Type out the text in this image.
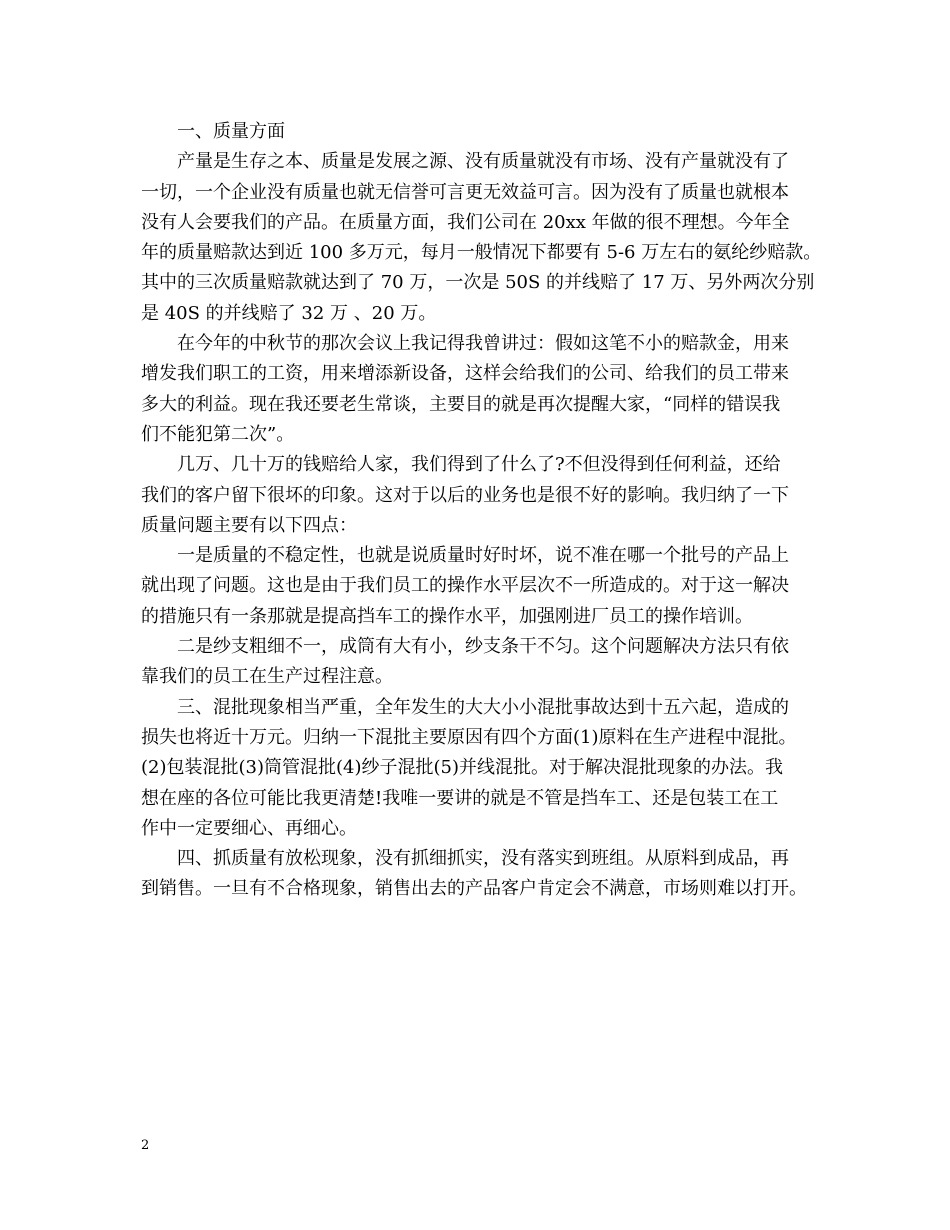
一、质量方面
产量是生存之本、质量是发展之源、没有质量就没有市场、没有产量就没有了
一切，一个企业没有质量也就无信誉可言更无效益可言。因为没有了质量也就根本
没有人会要我们的产品。在质量方面，我们公司在 20xx 年做的很不理想。今年全
年的质量赔款达到近 100 多万元，每月一般情况下都要有 5-6 万左右的氨纶纱赔款。
其中的三次质量赔款就达到了 70 万，一次是 50S 的并线赔了 17 万、另外两次分别
是 40S 的并线赔了 32 万 、20 万。
在今年的中秋节的那次会议上我记得我曾讲过：假如这笔不小的赔款金，用来
增发我们职工的工资，用来增添新设备，这样会给我们的公司、给我们的员工带来
多大的利益。现在我还要老生常谈，主要目的就是再次提醒大家，“同样的错误我
们不能犯第二次”。
几万、几十万的钱赔给人家，我们得到了什么了?不但没得到任何利益，还给
我们的客户留下很坏的印象。这对于以后的业务也是很不好的影响。我归纳了一下
质量问题主要有以下四点：
一是质量的不稳定性，也就是说质量时好时坏，说不准在哪一个批号的产品上
就出现了问题。这也是由于我们员工的操作水平层次不一所造成的。对于这一解决
的措施只有一条那就是提高挡车工的操作水平，加强刚进厂员工的操作培训。
二是纱支粗细不一，成筒有大有小，纱支条干不匀。这个问题解决方法只有依
靠我们的员工在生产过程注意。
三、混批现象相当严重，全年发生的大大小小混批事故达到十五六起，造成的
损失也将近十万元。归纳一下混批主要原因有四个方面(1)原料在生产进程中混批。
(2)包装混批(3)筒管混批(4)纱子混批(5)并线混批。对于解决混批现象的办法。我
想在座的各位可能比我更清楚!我唯一要讲的就是不管是挡车工、还是包装工在工
作中一定要细心、再细心。
四、抓质量有放松现象，没有抓细抓实，没有落实到班组。从原料到成品，再
到销售。一旦有不合格现象，销售出去的产品客户肯定会不满意，市场则难以打开。
2
